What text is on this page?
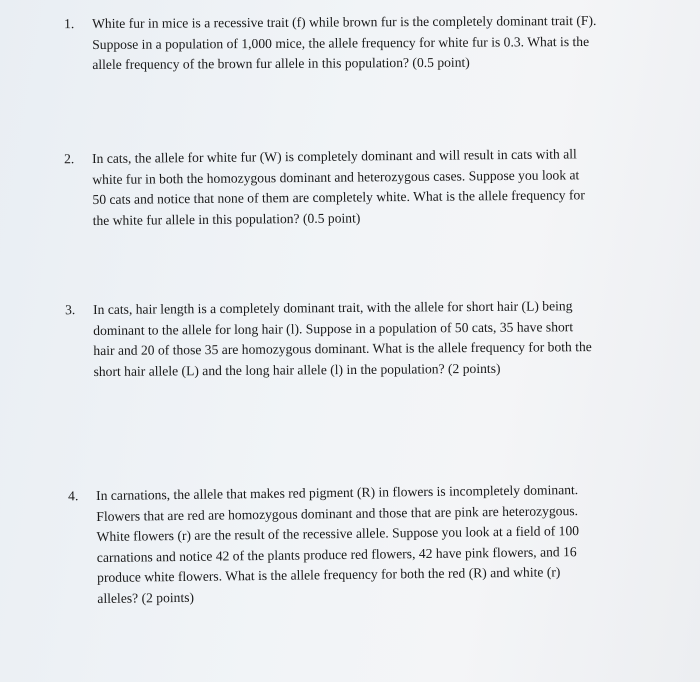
1.	White fur in mice is a recessive trait (f) while brown fur is the completely dominant trait (F).
Suppose in a population of 1,000 mice, the allele frequency for white fur is 0.3. What is the
allele frequency of the brown fur allele in this population? (0.5 point)
2.	In cats, the allele for white fur (W) is completely dominant and will result in cats with all
white fur in both the homozygous dominant and heterozygous cases. Suppose you look at
50 cats and notice that none of them are completely white. What is the allele frequency for
the white fur allele in this population? (0.5 point)
3.	In cats, hair length is a completely dominant trait, with the allele for short hair (L) being
dominant to the allele for long hair (l). Suppose in a population of 50 cats, 35 have short
hair and 20 of those 35 are homozygous dominant. What is the allele frequency for both the
short hair allele (L) and the long hair allele (l) in the population? (2 points)
4.	In carnations, the allele that makes red pigment (R) in flowers is incompletely dominant.
Flowers that are red are homozygous dominant and those that are pink are heterozygous.
White flowers (r) are the result of the recessive allele. Suppose you look at a field of 100
carnations and notice 42 of the plants produce red flowers, 42 have pink flowers, and 16
produce white flowers. What is the allele frequency for both the red (R) and white (r)
alleles? (2 points)
